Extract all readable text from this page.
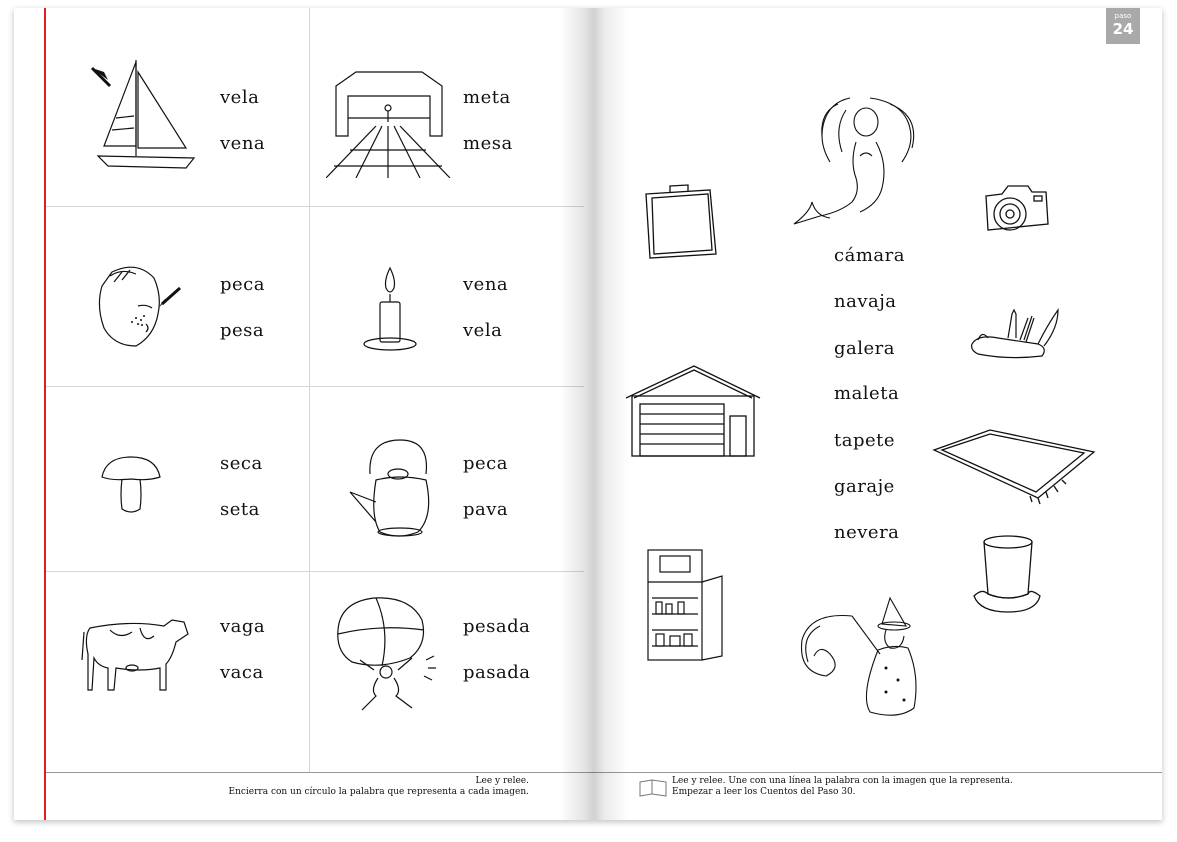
vela
vena
meta
mesa
peca
pesa
vena
vela
seca
seta
peca
pava
vaga
vaca
pesada
pasada
Lee y relee.
Encierra con un círculo la palabra que representa a cada imagen.
cámara
navaja
galera
maleta
tapete
garaje
nevera
Lee y relee. Une con una línea la palabra con la imagen que la representa.
Empezar a leer los Cuentos del Paso 30.
paso
24
